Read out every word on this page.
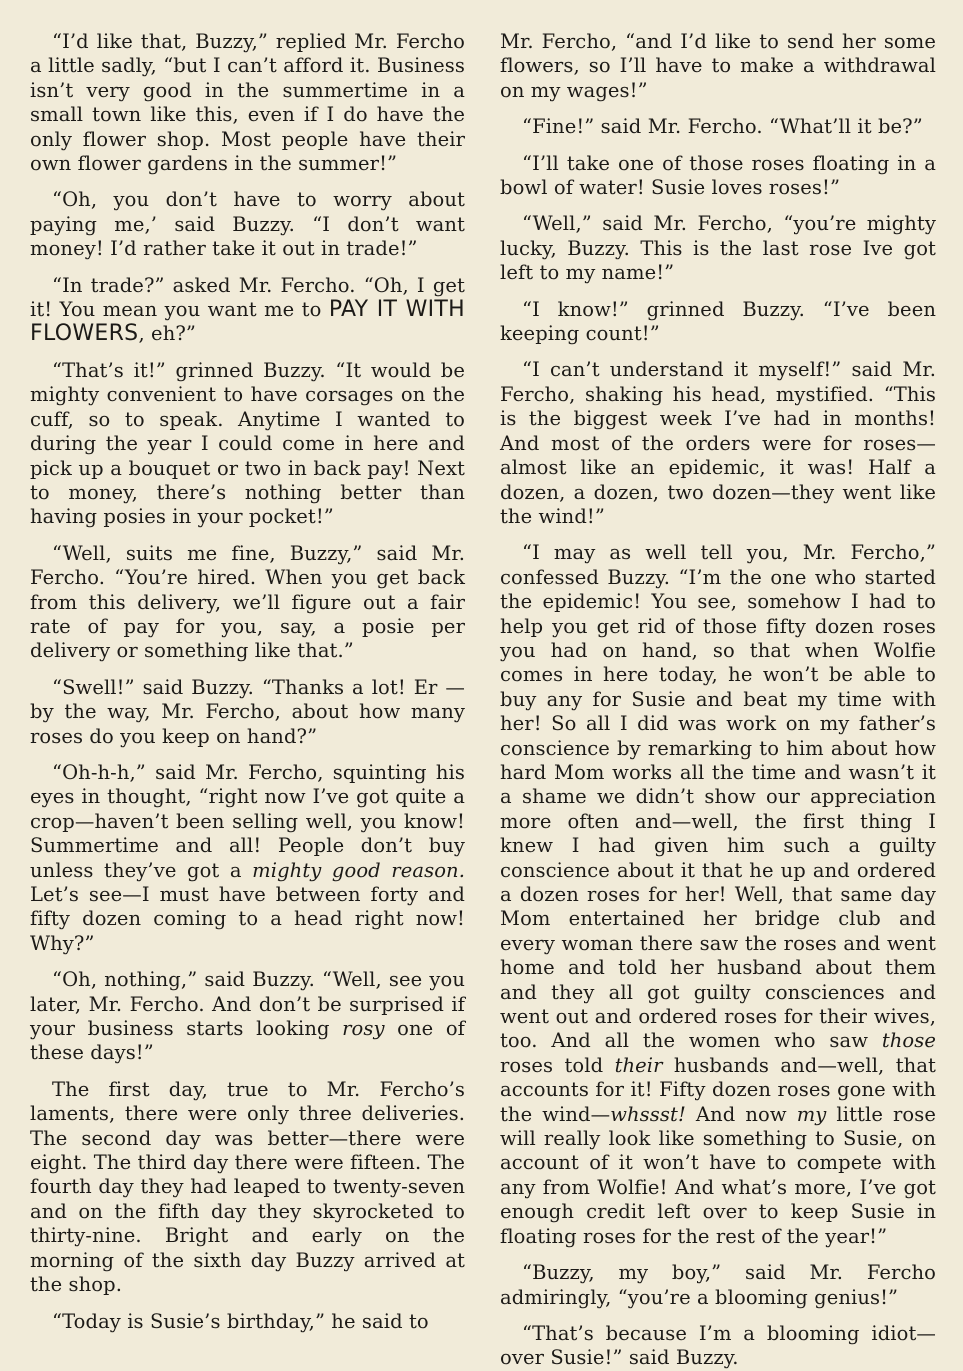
“I’d like that, Buzzy,” replied Mr. Fercho a little sadly, “but I can’t afford it. Business isn’t very good in the summertime in a small town like this, even if I do have the only flower shop. Most people have their own flower gardens in the summer!”

“Oh, you don’t have to worry about paying me,’ said Buzzy. “I don’t want money! I’d rather take it out in trade!”

“In trade?” asked Mr. Fercho. “Oh, I get it! You mean you want me to PAY IT WITH FLOWERS, eh?”

“That’s it!” grinned Buzzy. “It would be mighty convenient to have corsages on the cuff, so to speak. Anytime I wanted to during the year I could come in here and pick up a bouquet or two in back pay! Next to money, there’s nothing better than having posies in your pocket!”

“Well, suits me fine, Buzzy,” said Mr. Fercho. “You’re hired. When you get back from this delivery, we’ll figure out a fair rate of pay for you, say, a posie per delivery or something like that.”

“Swell!” said Buzzy. “Thanks a lot! Er —by the way, Mr. Fercho, about how many roses do you keep on hand?”

“Oh-h-h,” said Mr. Fercho, squinting his eyes in thought, “right now I’ve got quite a crop—haven’t been selling well, you know! Summertime and all! People don’t buy unless they’ve got a mighty good reason. Let’s see—I must have between forty and fifty dozen coming to a head right now! Why?”

“Oh, nothing,” said Buzzy. “Well, see you later, Mr. Fercho. And don’t be surprised if your business starts looking rosy one of these days!”

The first day, true to Mr. Fercho’s laments, there were only three deliveries. The second day was better—there were eight. The third day there were fifteen. The fourth day they had leaped to twenty-seven and on the fifth day they skyrocketed to thirty-nine. Bright and early on the morning of the sixth day Buzzy arrived at the shop.

“Today is Susie’s birthday,” he said to

Mr. Fercho, “and I’d like to send her some flowers, so I’ll have to make a withdrawal on my wages!”

“Fine!” said Mr. Fercho. “What’ll it be?”

“I’ll take one of those roses floating in a bowl of water! Susie loves roses!”

“Well,” said Mr. Fercho, “you’re mighty lucky, Buzzy. This is the last rose Ive got left to my name!”

“I know!” grinned Buzzy. “I’ve been keeping count!”

“I can’t understand it myself!” said Mr. Fercho, shaking his head, mystified. “This is the biggest week I’ve had in months! And most of the orders were for roses—almost like an epidemic, it was! Half a dozen, a dozen, two dozen—they went like the wind!”

“I may as well tell you, Mr. Fercho,” confessed Buzzy. “I’m the one who started the epidemic! You see, somehow I had to help you get rid of those fifty dozen roses you had on hand, so that when Wolfie comes in here today, he won’t be able to buy any for Susie and beat my time with her! So all I did was work on my father’s conscience by remarking to him about how hard Mom works all the time and wasn’t it a shame we didn’t show our appreciation more often and—well, the first thing I knew I had given him such a guilty conscience about it that he up and ordered a dozen roses for her! Well, that same day Mom entertained her bridge club and every woman there saw the roses and went home and told her husband about them and they all got guilty consciences and went out and ordered roses for their wives, too. And all the women who saw those roses told their husbands and—well, that accounts for it! Fifty dozen roses gone with the wind—whssst! And now my little rose will really look like something to Susie, on account of it won’t have to compete with any from Wolfie! And what’s more, I’ve got enough credit left over to keep Susie in floating roses for the rest of the year!”

“Buzzy, my boy,” said Mr. Fercho admiringly, “you’re a blooming genius!”

“That’s because I’m a blooming idiot—over Susie!” said Buzzy.
